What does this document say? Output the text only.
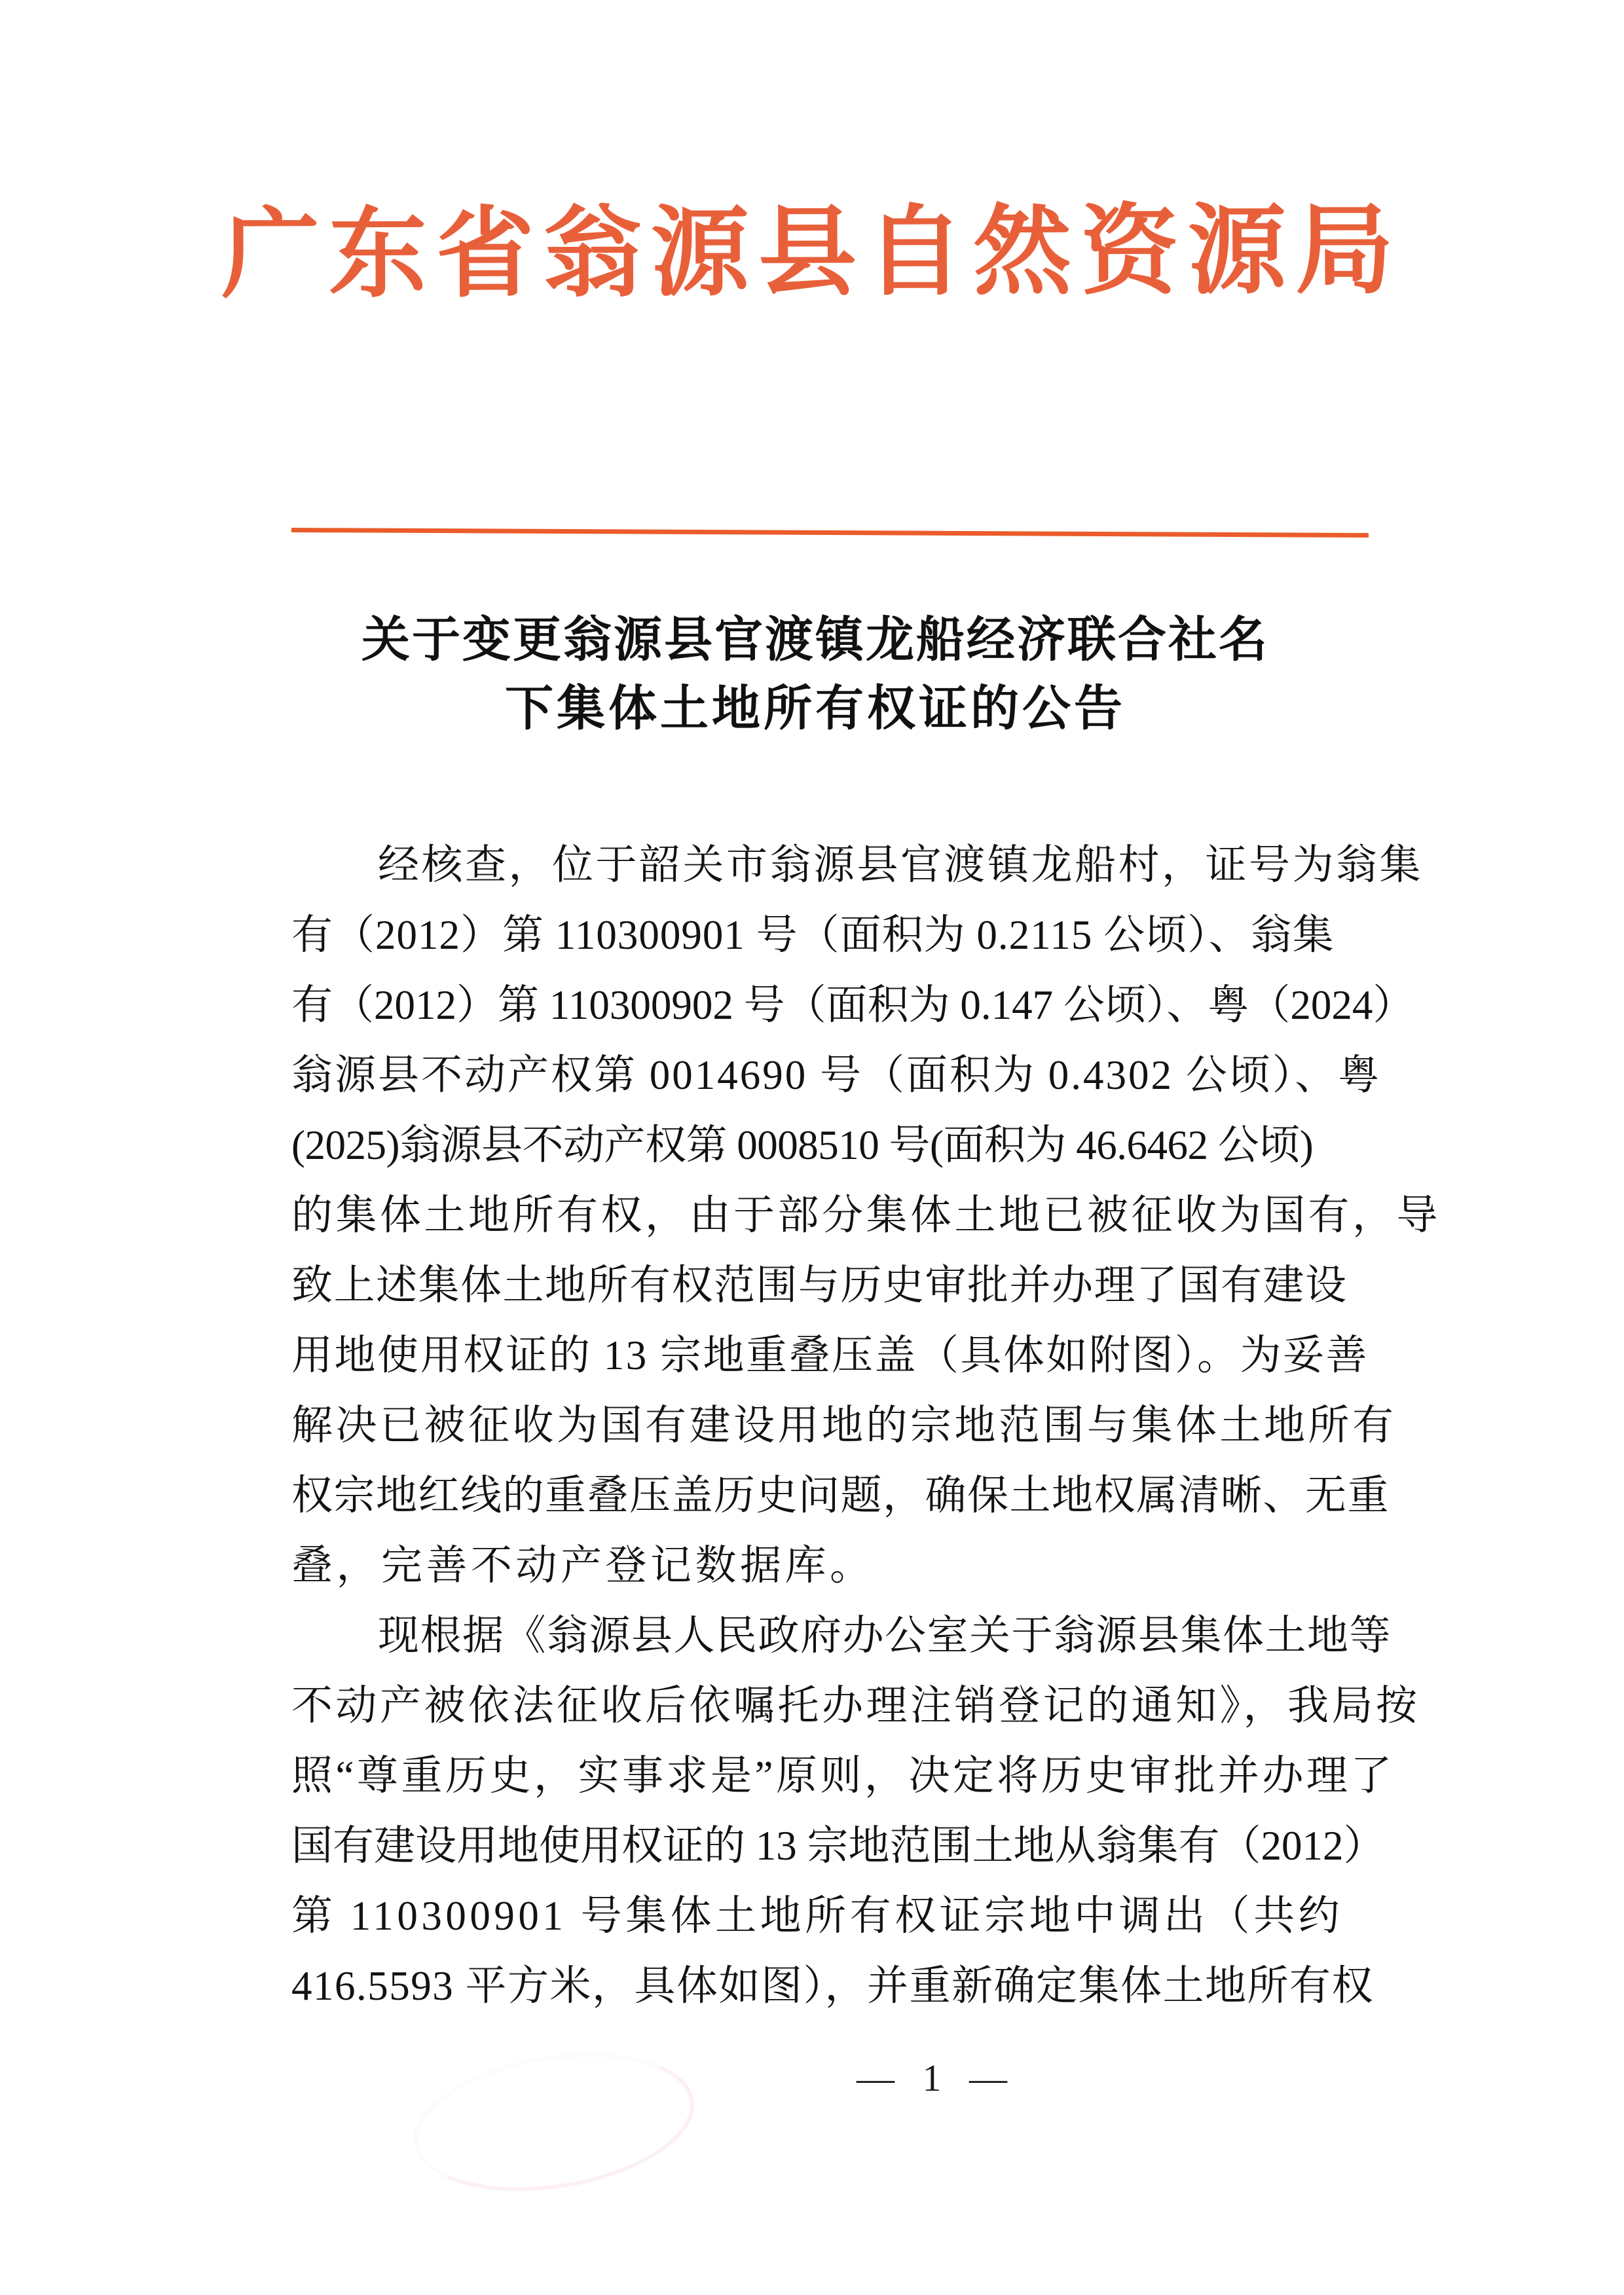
广东省翁源县自然资源局
关于变更翁源县官渡镇龙船经济联合社名
下集体土地所有权证的公告
经核查，位于韶关市翁源县官渡镇龙船村，证号为翁集
有（2012）第 110300901 号（面积为 0.2115 公顷）、翁集
有（2012）第 110300902 号（面积为 0.147 公顷）、粤（2024）
翁源县不动产权第 0014690 号（面积为 0.4302 公顷）、粤
(2025)翁源县不动产权第 0008510 号(面积为 46.6462 公顷)
的集体土地所有权，由于部分集体土地已被征收为国有，导
致上述集体土地所有权范围与历史审批并办理了国有建设
用地使用权证的 13 宗地重叠压盖（具体如附图）。为妥善
解决已被征收为国有建设用地的宗地范围与集体土地所有
权宗地红线的重叠压盖历史问题，确保土地权属清晰、无重
叠，完善不动产登记数据库。
现根据《翁源县人民政府办公室关于翁源县集体土地等
不动产被依法征收后依嘱托办理注销登记的通知》，我局按
照“尊重历史，实事求是”原则，决定将历史审批并办理了
国有建设用地使用权证的 13 宗地范围土地从翁集有（2012）
第 110300901 号集体土地所有权证宗地中调出（共约
416.5593 平方米，具体如图），并重新确定集体土地所有权
— 1 —
